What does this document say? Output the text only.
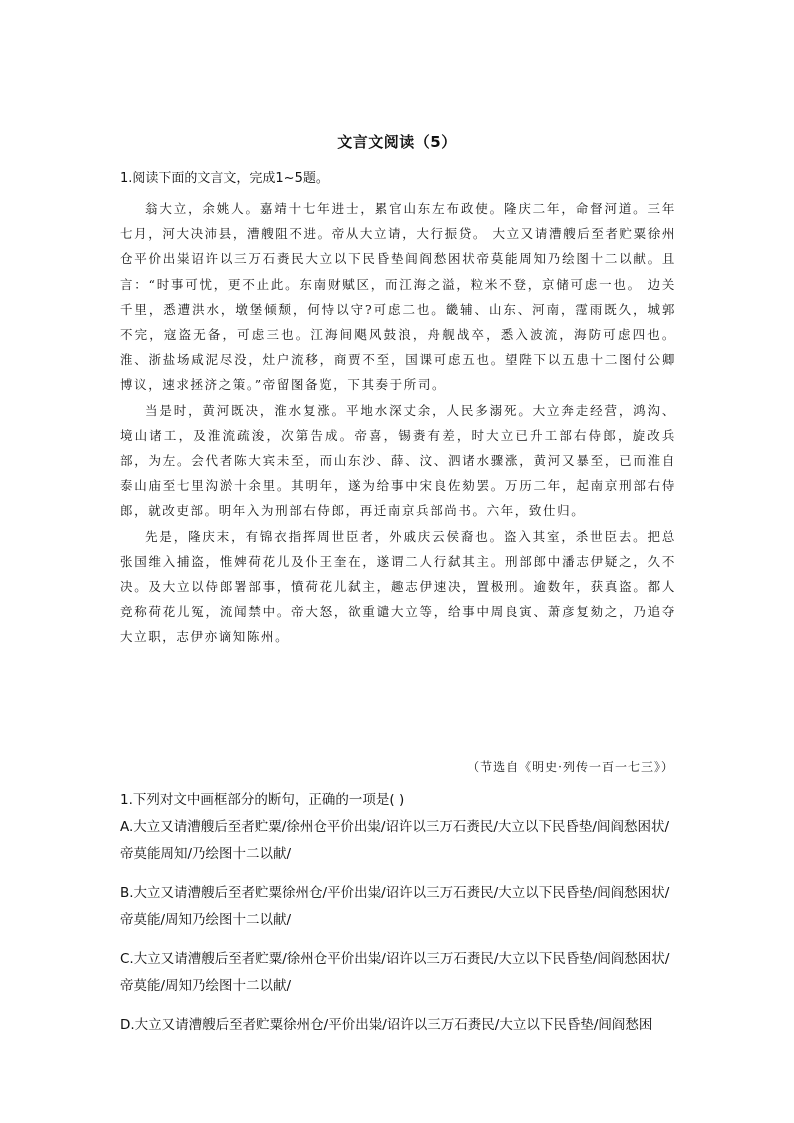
文言文阅读（5）
1.阅读下面的文言文，完成1~5题。

翁大立，余姚人。嘉靖十七年进士，累官山东左布政使。隆庆二年，命督河道。三年七月，河大决沛县，漕艘阻不进。帝从大立请，大行振贷。 大立又请漕艘后至者贮粟徐州仓平价出粜诏许以三万石赉民大立以下民昏垫闾阎愁困状帝莫能周知乃绘图十二以献。且言：“时事可忧，更不止此。东南财赋区，而江海之溢，粒米不登，京储可虑一也。 边关千里，悉遭洪水，墩堡倾颓，何恃以守?可虑二也。畿辅、山东、河南，霪雨既久，城郭不完，寇盗无备，可虑三也。江海间飓风鼓浪，舟舰战卒，悉入波流，海防可虑四也。淮、浙盐场咸泥尽没，灶户流移，商贾不至，国课可虑五也。望陛下以五患十二图付公卿博议，速求拯济之策。”帝留图备览，下其奏于所司。

当是时，黄河既决，淮水复涨。平地水深丈余，人民多溺死。大立奔走经营，鸿沟、境山诸工，及淮流疏浚，次第告成。帝喜，锡赉有差，时大立已升工部右侍郎，旋改兵部，为左。会代者陈大宾未至，而山东沙、薛、汶、泗诸水骤涨，黄河又暴至，已而淮自泰山庙至七里沟淤十余里。其明年，遂为给事中宋良佐劾罢。万历二年，起南京刑部右侍郎，就改吏部。明年入为刑部右侍郎，再迁南京兵部尚书。六年，致仕归。

先是，隆庆末，有锦衣指挥周世臣者，外戚庆云侯裔也。盗入其室，杀世臣去。把总张国维入捕盗，惟婢荷花儿及仆王奎在，遂谓二人行弑其主。刑部郎中潘志伊疑之，久不决。及大立以侍郎署部事，憤荷花儿弑主，趣志伊速决，置极刑。逾数年，获真盗。都人竞称荷花儿冤，流闻禁中。帝大怒，欲重谴大立等，给事中周良寅、萧彦复劾之，乃追夺大立职，志伊亦谪知陈州。

（节选自《明史·列传一百一七三》）
1.下列对文中画框部分的断句，正确的一项是( )
A.大立又请漕艘后至者贮粟/徐州仓平价出粜/诏许以三万石赉民/大立以下民昏垫/闾阎愁困状/帝莫能周知/乃绘图十二以献/
B.大立又请漕艘后至者贮粟徐州仓/平价出粜/诏许以三万石赉民/大立以下民昏垫/闾阎愁困状/帝莫能/周知乃绘图十二以献/
C.大立又请漕艘后至者贮粟/徐州仓平价出粜/诏许以三万石赉民/大立以下民昏垫/闾阎愁困状/帝莫能/周知乃绘图十二以献/
D.大立又请漕艘后至者贮粟徐州仓/平价出粜/诏许以三万石赉民/大立以下民昏垫/闾阎愁困
